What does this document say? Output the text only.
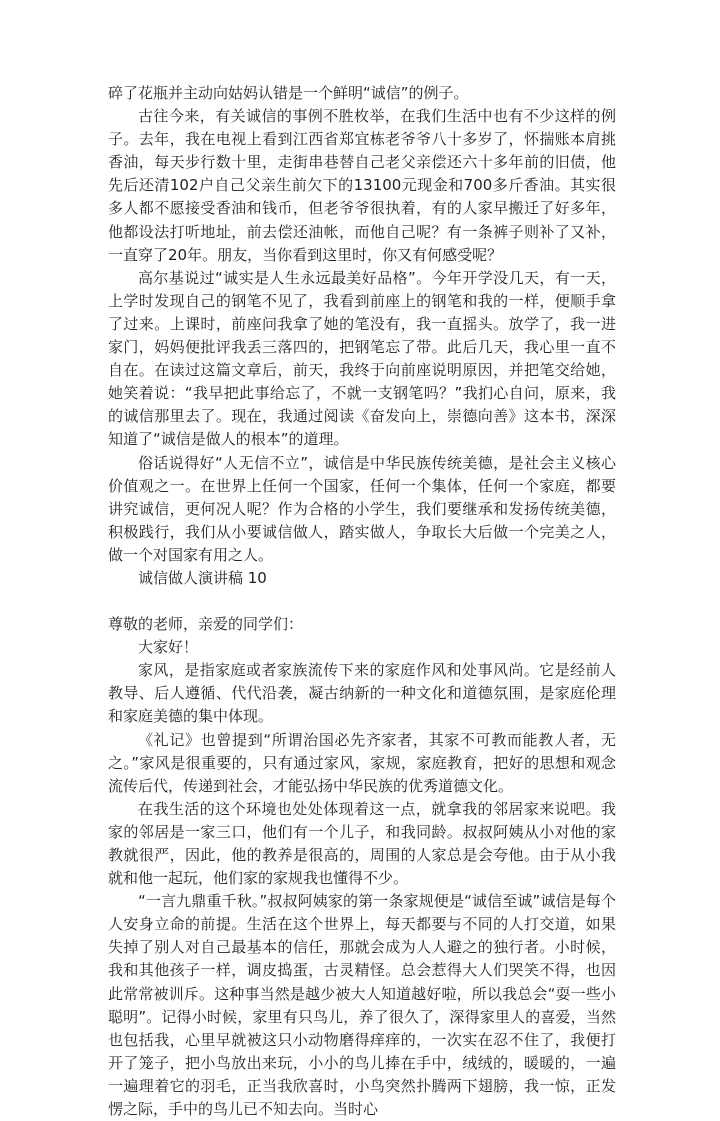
碎了花瓶并主动向姑妈认错是一个鲜明“诚信”的例子。

古往今来，有关诚信的事例不胜枚举，在我们生活中也有不少这样的例子。去年，我在电视上看到江西省郑宜栋老爷爷八十多岁了，怀揣账本肩挑香油，每天步行数十里，走街串巷替自己老父亲偿还六十多年前的旧债，他先后还清102户自己父亲生前欠下的13100元现金和700多斤香油。其实很多人都不愿接受香油和钱币，但老爷爷很执着，有的人家早搬迁了好多年，他都设法打听地址，前去偿还油帐，而他自己呢？有一条裤子则补了又补，一直穿了20年。朋友，当你看到这里时，你又有何感受呢？

高尔基说过“诚实是人生永远最美好品格”。今年开学没几天，有一天，上学时发现自己的钢笔不见了，我看到前座上的钢笔和我的一样，便顺手拿了过来。上课时，前座问我拿了她的笔没有，我一直摇头。放学了，我一进家门，妈妈便批评我丢三落四的，把钢笔忘了带。此后几天，我心里一直不自在。在读过这篇文章后，前天，我终于向前座说明原因，并把笔交给她，她笑着说：“我早把此事给忘了，不就一支钢笔吗？”我扪心自问，原来，我的诚信那里去了。现在，我通过阅读《奋发向上，崇德向善》这本书，深深知道了“诚信是做人的根本”的道理。

俗话说得好“人无信不立”，诚信是中华民族传统美德，是社会主义核心价值观之一。在世界上任何一个国家，任何一个集体，任何一个家庭，都要讲究诚信，更何况人呢？作为合格的小学生，我们要继承和发扬传统美德，积极践行，我们从小要诚信做人，踏实做人，争取长大后做一个完美之人，做一个对国家有用之人。

诚信做人演讲稿 10

尊敬的老师，亲爱的同学们：

大家好！

家风，是指家庭或者家族流传下来的家庭作风和处事风尚。它是经前人教导、后人遵循、代代沿袭，凝古纳新的一种文化和道德氛围，是家庭伦理和家庭美德的集中体现。

《礼记》也曾提到“所谓治国必先齐家者，其家不可教而能教人者，无之。”家风是很重要的，只有通过家风，家规，家庭教育，把好的思想和观念流传后代，传递到社会，才能弘扬中华民族的优秀道德文化。

在我生活的这个环境也处处体现着这一点，就拿我的邻居家来说吧。我家的邻居是一家三口，他们有一个儿子，和我同龄。叔叔阿姨从小对他的家教就很严，因此，他的教养是很高的，周围的人家总是会夸他。由于从小我就和他一起玩，他们家的家规我也懂得不少。

“一言九鼎重千秋。”叔叔阿姨家的第一条家规便是“诚信至诚”诚信是每个人安身立命的前提。生活在这个世界上，每天都要与不同的人打交道，如果失掉了别人对自己最基本的信任，那就会成为人人避之的独行者。小时候，我和其他孩子一样，调皮捣蛋，古灵精怪。总会惹得大人们哭笑不得，也因此常常被训斥。这种事当然是越少被大人知道越好啦，所以我总会“耍一些小聪明”。记得小时候，家里有只鸟儿，养了很久了，深得家里人的喜爱，当然也包括我，心里早就被这只小动物磨得痒痒的，一次实在忍不住了，我便打开了笼子，把小鸟放出来玩，小小的鸟儿捧在手中，绒绒的，暖暖的，一遍一遍理着它的羽毛，正当我欣喜时，小鸟突然扑腾两下翅膀，我一惊，正发愣之际，手中的鸟儿已不知去向。当时心
